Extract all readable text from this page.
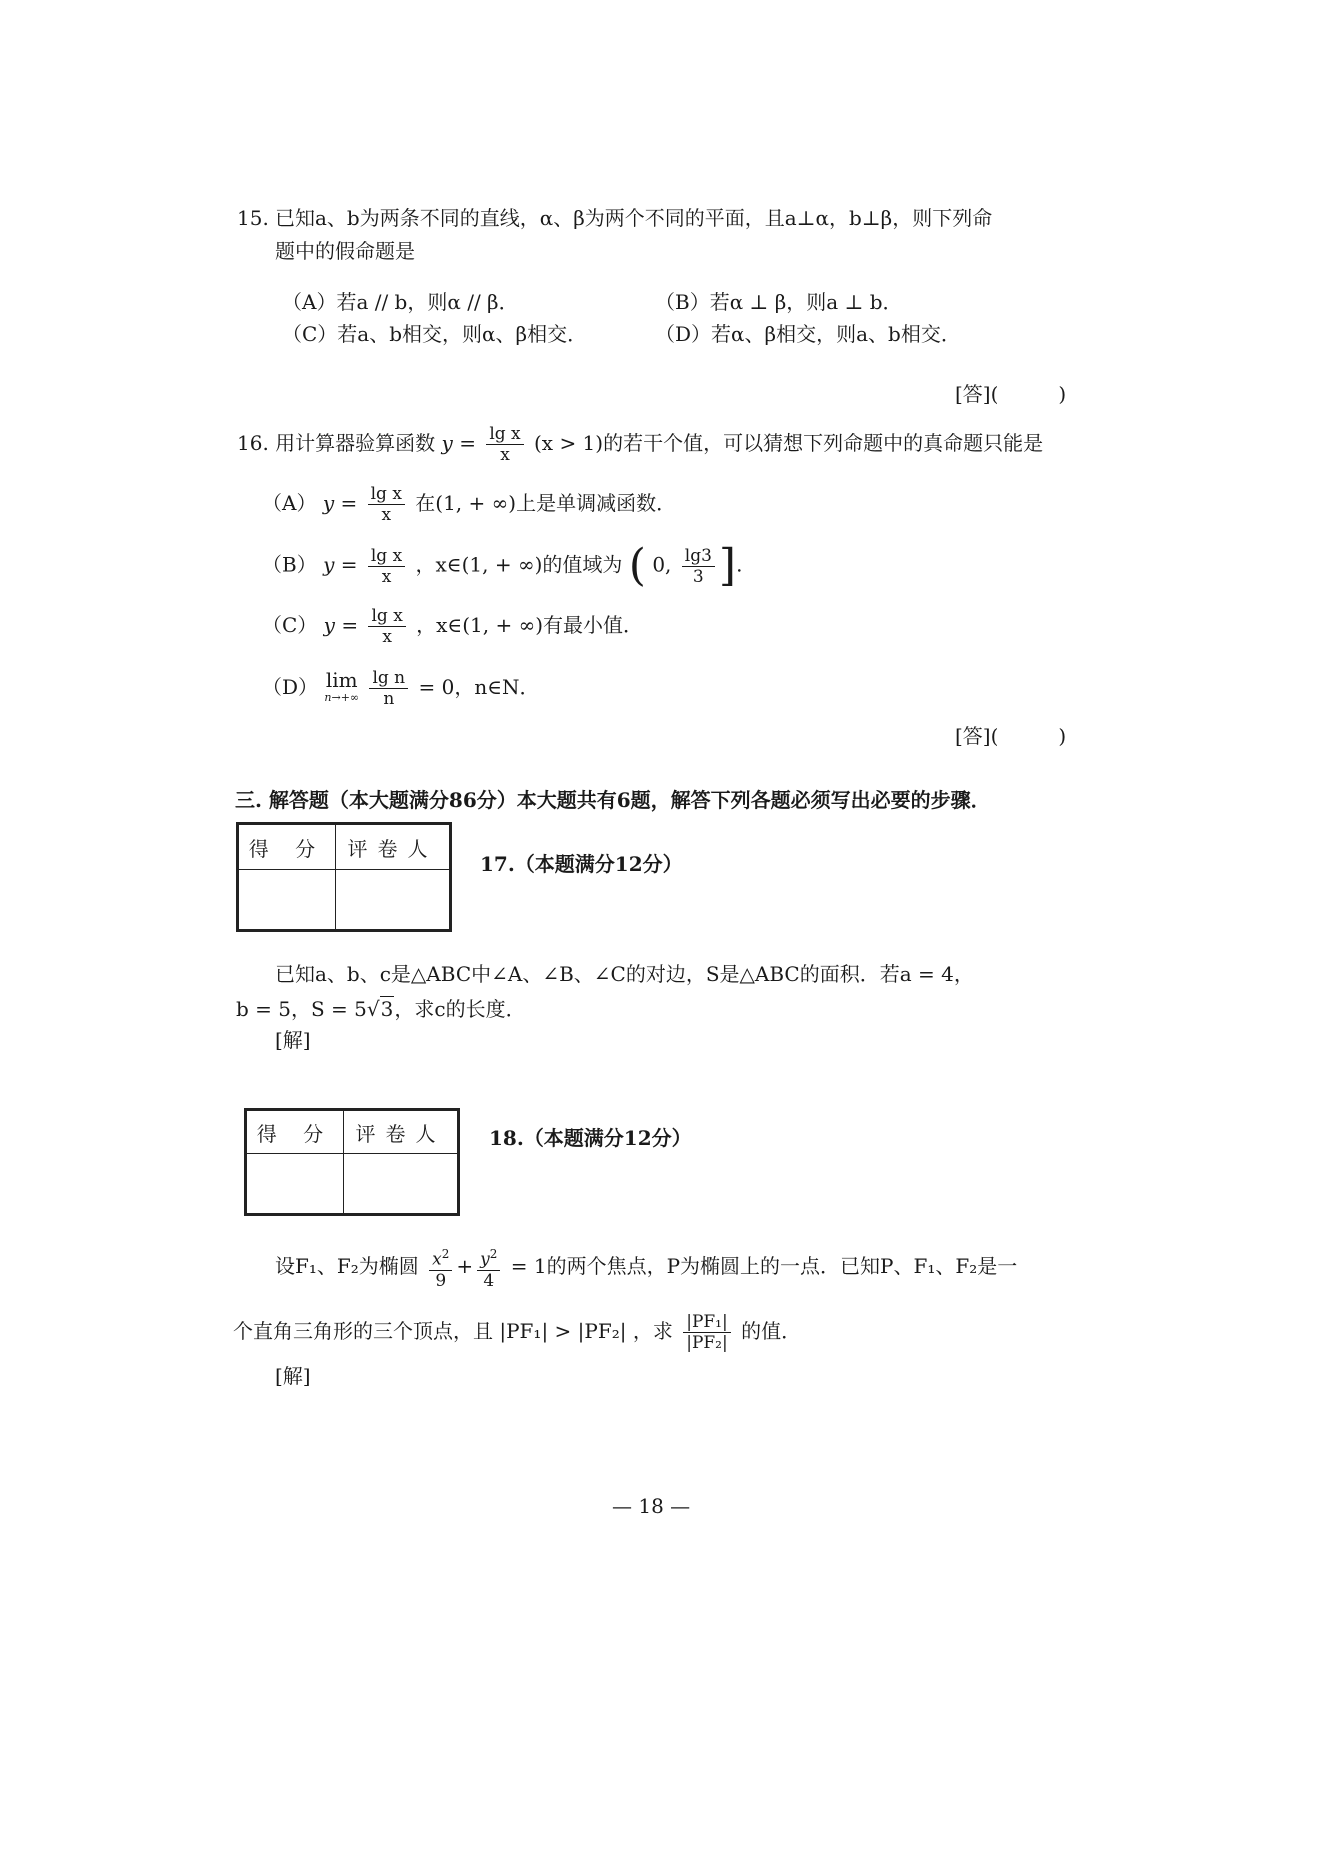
15. 已知a、b为两条不同的直线，α、β为两个不同的平面，且a⊥α，b⊥β，则下列命
题中的假命题是
（A）若a // b，则α // β．	（B）若α ⊥ β，则a ⊥ b．
（C）若a、b相交，则α、β相交．	（D）若α、β相交，则a、b相交．
[答](　　　)
16. 用计算器验算函数 $y = \frac{\text{lg x}}{x} (x > 1)$的若干个值，可以猜想下列命题中的真命题只能是
（A） $y = \frac{\text{lg x}}{x}$ 在(1, + ∞)上是单调减函数．
（B） $y = \frac{\text{lg x}}{x}$ ，x∈(1, + ∞)的值域为 ( 0, $\frac{\lg 3}{3}$ ].
（C） $y = \frac{\text{lg x}}{x}$ ，x∈(1, + ∞)有最小值．
（D） lim
n→+∞
$\frac{\text{lg n}}{n} = 0$，n∈N．
[答](　　　)
三. 解答题（本大题满分86分）本大题共有6题，解答下列各题必须写出必要的步骤．
得 分	评卷人

17.（本题满分12分）
已知a、b、c是△ABC中∠A、∠B、∠C的对边，S是△ABC的面积．若a = 4，
b = 5，S = 5√3，求c的长度．
[解]
得 分	评卷人
	18.（本题满分12分）
设F₁、F₂为椭圆 $\frac{x^2}{9} + \frac{y^2}{4} = 1$的两个焦点，P为椭圆上的一点．已知P、F₁、F₂是一
个直角三角形的三个顶点，且 |PF₁| > |PF₂| ，求 $\frac{\text{|PF₁|}}{\text{|PF₂|}}$ 的值．
[解]
— 18 —
